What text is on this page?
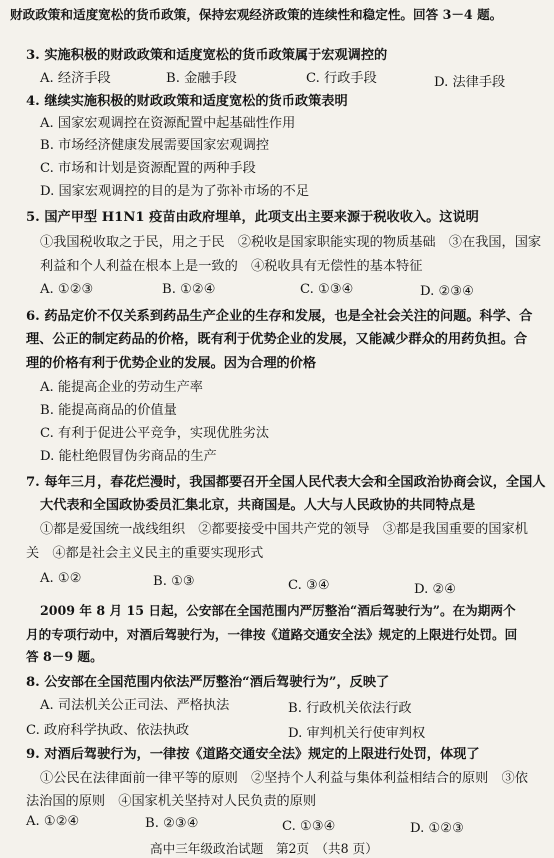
财政政策和适度宽松的货币政策，保持宏观经济政策的连续性和稳定性。回答 3－4 题。
3. 实施积极的财政政策和适度宽松的货币政策属于宏观调控的
A. 经济手段	B. 金融手段	C. 行政手段	D. 法律手段
4. 继续实施积极的财政政策和适度宽松的货币政策表明
A. 国家宏观调控在资源配置中起基础性作用
B. 市场经济健康发展需要国家宏观调控
C. 市场和计划是资源配置的两种手段
D. 国家宏观调控的目的是为了弥补市场的不足
5. 国产甲型 H1N1 疫苗由政府埋单，此项支出主要来源于税收收入。这说明
①我国税收取之于民，用之于民　②税收是国家职能实现的物质基础　③在我国，国家
利益和个人利益在根本上是一致的　④税收具有无偿性的基本特征
A. ①②③	B. ①②④	C. ①③④	D. ②③④
6. 药品定价不仅关系到药品生产企业的生存和发展，也是全社会关注的问题。科学、合
理、公正的制定药品的价格，既有利于优势企业的发展，又能减少群众的用药负担。合
理的价格有利于优势企业的发展。因为合理的价格
A. 能提高企业的劳动生产率
B. 能提高商品的价值量
C. 有利于促进公平竞争，实现优胜劣汰
D. 能杜绝假冒伪劣商品的生产
7. 每年三月，春花烂漫时，我国都要召开全国人民代表大会和全国政治协商会议，全国人
大代表和全国政协委员汇集北京，共商国是。人大与人民政协的共同特点是
①都是爱国统一战线组织　②都要接受中国共产党的领导　③都是我国重要的国家机
关　④都是社会主义民主的重要实现形式
A. ①②	B. ①③	C. ③④	D. ②④
2009 年 8 月 15 日起，公安部在全国范围内严厉整治“酒后驾驶行为”。在为期两个
月的专项行动中，对酒后驾驶行为，一律按《道路交通安全法》规定的上限进行处罚。回
答 8－9 题。
8. 公安部在全国范围内依法严厉整治“酒后驾驶行为”，反映了
A. 司法机关公正司法、严格执法	B. 行政机关依法行政
C. 政府科学执政、依法执政	D. 审判机关行使审判权
9. 对酒后驾驶行为，一律按《道路交通安全法》规定的上限进行处罚，体现了
①公民在法律面前一律平等的原则　②坚持个人利益与集体利益相结合的原则　③依
法治国的原则　④国家机关坚持对人民负责的原则
A. ①②④	B. ②③④	C. ①③④	D. ①②③
高中三年级政治试题　第2页　（共8 页）
